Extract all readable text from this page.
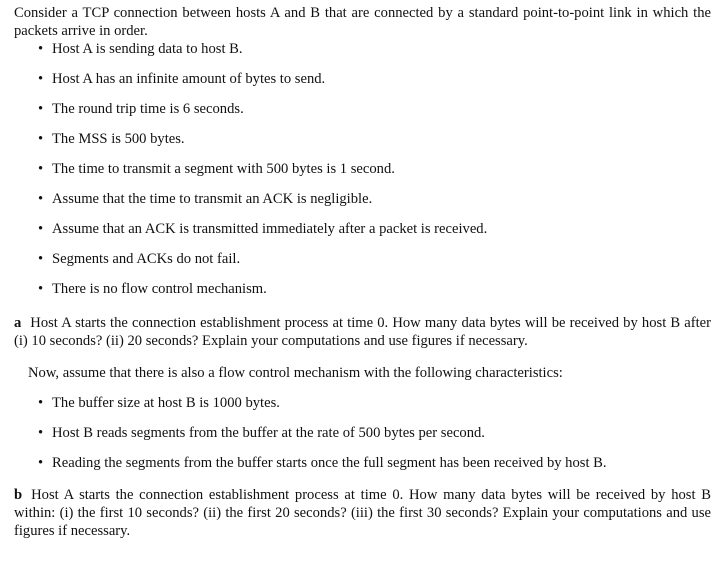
Consider a TCP connection between hosts A and B that are connected by a standard point-to-point link in which the packets arrive in order.

• Host A is sending data to host B.
• Host A has an infinite amount of bytes to send.
• The round trip time is 6 seconds.
• The MSS is 500 bytes.
• The time to transmit a segment with 500 bytes is 1 second.
• Assume that the time to transmit an ACK is negligible.
• Assume that an ACK is transmitted immediately after a packet is received.
• Segments and ACKs do not fail.
• There is no flow control mechanism.

a Host A starts the connection establishment process at time 0. How many data bytes will be received by host B after (i) 10 seconds? (ii) 20 seconds? Explain your computations and use figures if necessary.

Now, assume that there is also a flow control mechanism with the following characteristics:

• The buffer size at host B is 1000 bytes.
• Host B reads segments from the buffer at the rate of 500 bytes per second.
• Reading the segments from the buffer starts once the full segment has been received by host B.

b Host A starts the connection establishment process at time 0. How many data bytes will be received by host B within: (i) the first 10 seconds? (ii) the first 20 seconds? (iii) the first 30 seconds? Explain your computations and use figures if necessary.
